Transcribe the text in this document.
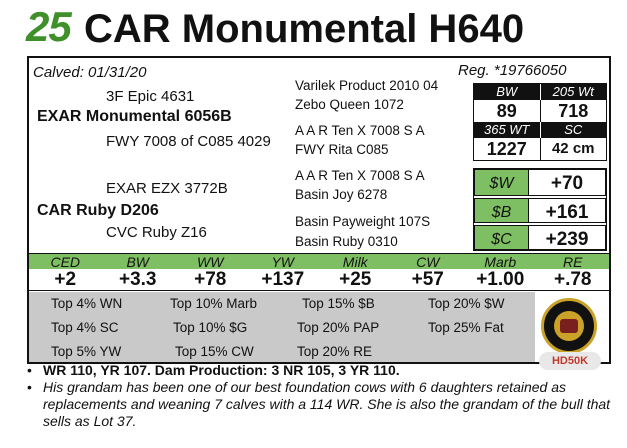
25 CAR Monumental H640
Calved: 01/31/20	Reg. *19766050
3F Epic 4631
EXAR Monumental 6056B
FWY 7008 of C085 4029
EXAR EZX 3772B
CAR Ruby D206
CVC Ruby Z16
Varilek Product 2010 04
Zebo Queen 1072
A A R Ten X 7008 S A
FWY Rita C085
A A R Ten X 7008 S A
Basin Joy 6278
Basin Payweight 107S
Basin Ruby 0310
BW	205 Wt
89	718
365 WT	SC
1227	42 cm
$W	+70
$B	+161
$C	+239
CED	BW	WW	YW	Milk	CW	Marb	RE
+2	+3.3	+78	+137	+25	+57	+1.00	+.78
Top 4% WN	Top 10% Marb	Top 15% $B	Top 20% $W
Top 4% SC	Top 10% $G	Top 20% PAP	Top 25% Fat
Top 5% YW	Top 15% CW	Top 20% RE
HD50K
• WR 110, YR 107. Dam Production: 3 NR 105, 3 YR 110.
• His grandam has been one of our best foundation cows with 6 daughters retained as replacements and weaning 7 calves with a 114 WR. She is also the grandam of the bull that sells as Lot 37.
